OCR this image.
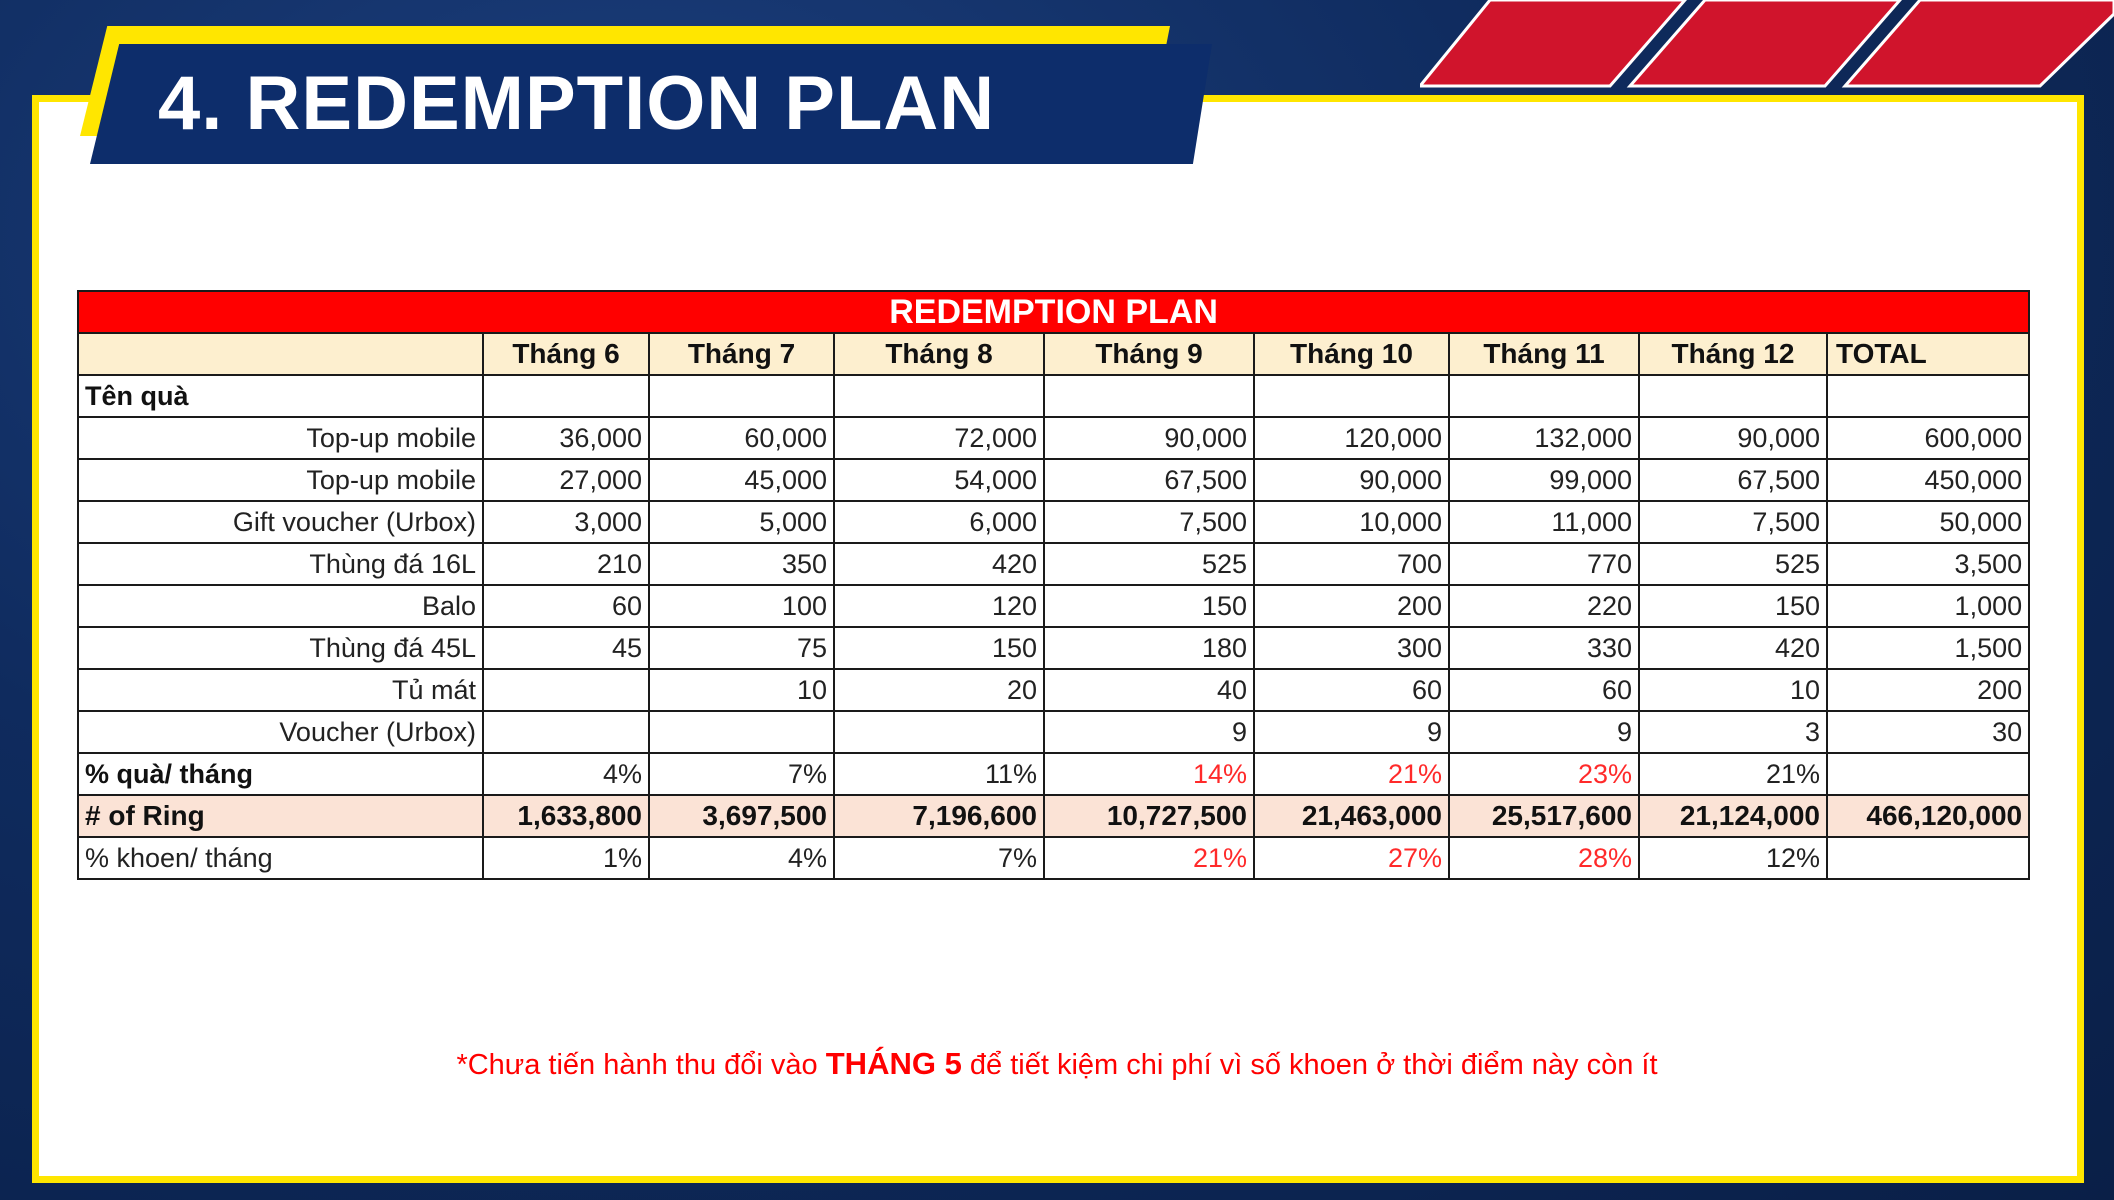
4. REDEMPTION PLAN
REDEMPTION PLAN								
	Tháng 6	Tháng 7	Tháng 8	Tháng 9	Tháng 10	Tháng 11	Tháng 12	TOTAL
Tên quà								
Top-up mobile	36,000	60,000	72,000	90,000	120,000	132,000	90,000	600,000
Top-up mobile	27,000	45,000	54,000	67,500	90,000	99,000	67,500	450,000
Gift voucher (Urbox)	3,000	5,000	6,000	7,500	10,000	11,000	7,500	50,000
Thùng đá 16L	210	350	420	525	700	770	525	3,500
Balo	60	100	120	150	200	220	150	1,000
Thùng đá 45L	45	75	150	180	300	330	420	1,500
Tủ mát		10	20	40	60	60	10	200
Voucher (Urbox)				9	9	9	3	30
% quà/ tháng	4%	7%	11%	14%	21%	23%	21%	
# of Ring	1,633,800	3,697,500	7,196,600	10,727,500	21,463,000	25,517,600	21,124,000	466,120,000
% khoen/ tháng	1%	4%	7%	21%	27%	28%	12%	
*Chưa tiến hành thu đổi vào THÁNG 5 để tiết kiệm chi phí vì số khoen ở thời điểm này còn ít
